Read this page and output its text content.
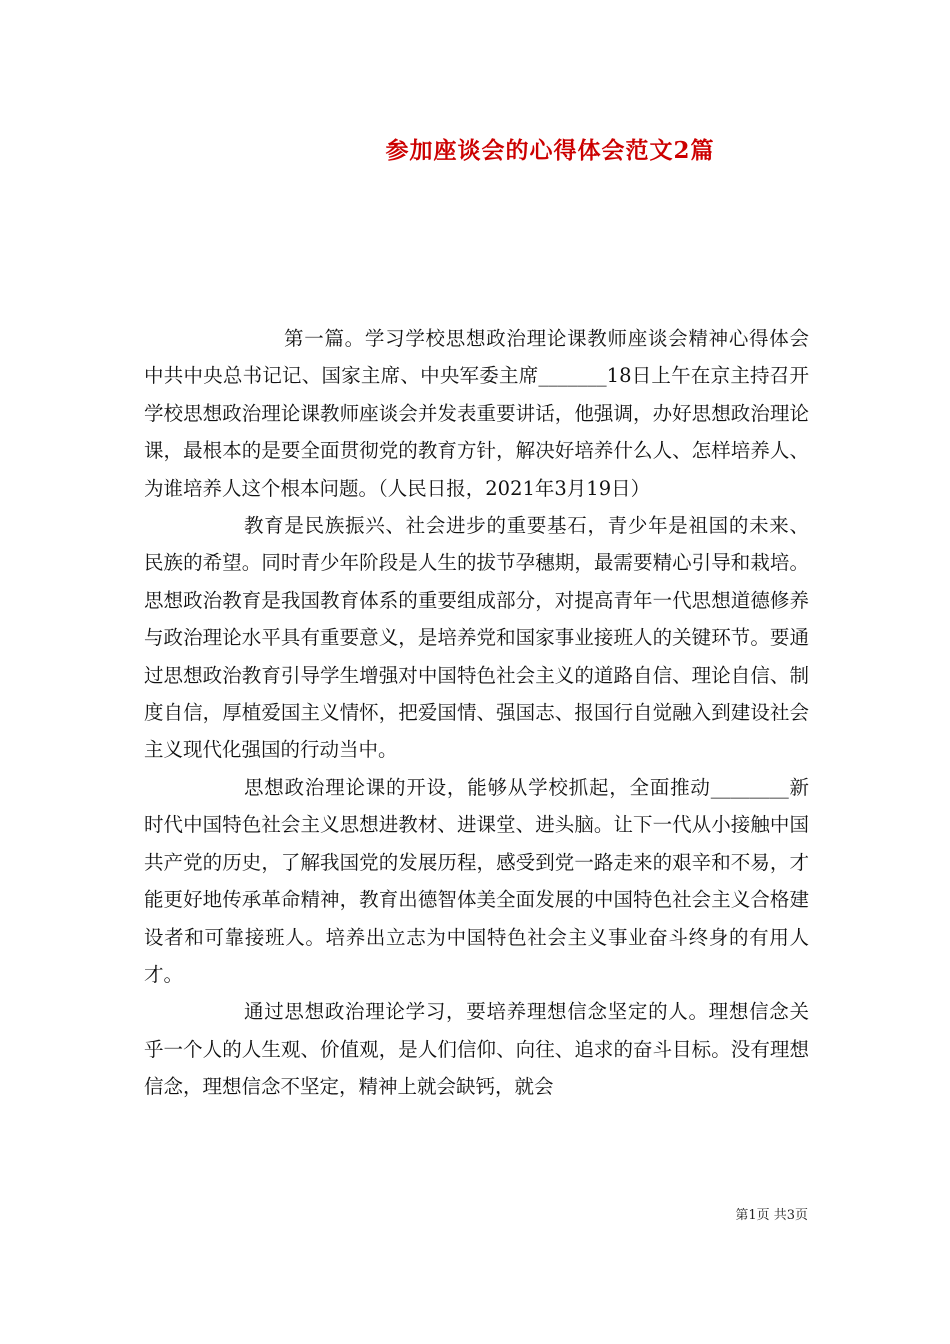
参加座谈会的心得体会范文2篇

第一篇。学习学校思想政治理论课教师座谈会精神心得体会中共中央总书记记、国家主席、中央军委主席_______18日上午在京主持召开学校思想政治理论课教师座谈会并发表重要讲话，他强调，办好思想政治理论课，最根本的是要全面贯彻党的教育方针，解决好培养什么人、怎样培养人、为谁培养人这个根本问题。（人民日报，2021年3月19日）

教育是民族振兴、社会进步的重要基石，青少年是祖国的未来、民族的希望。同时青少年阶段是人生的拔节孕穗期，最需要精心引导和栽培。思想政治教育是我国教育体系的重要组成部分，对提高青年一代思想道德修养与政治理论水平具有重要意义，是培养党和国家事业接班人的关键环节。要通过思想政治教育引导学生增强对中国特色社会主义的道路自信、理论自信、制度自信，厚植爱国主义情怀，把爱国情、强国志、报国行自觉融入到建设社会主义现代化强国的行动当中。

思想政治理论课的开设，能够从学校抓起，全面推动________新时代中国特色社会主义思想进教材、进课堂、进头脑。让下一代从小接触中国共产党的历史，了解我国党的发展历程，感受到党一路走来的艰辛和不易，才能更好地传承革命精神，教育出德智体美全面发展的中国特色社会主义合格建设者和可靠接班人。培养出立志为中国特色社会主义事业奋斗终身的有用人才。

通过思想政治理论学习，要培养理想信念坚定的人。理想信念关乎一个人的人生观、价值观，是人们信仰、向往、追求的奋斗目标。没有理想信念，理想信念不坚定，精神上就会缺钙，就会

第1页 共3页
